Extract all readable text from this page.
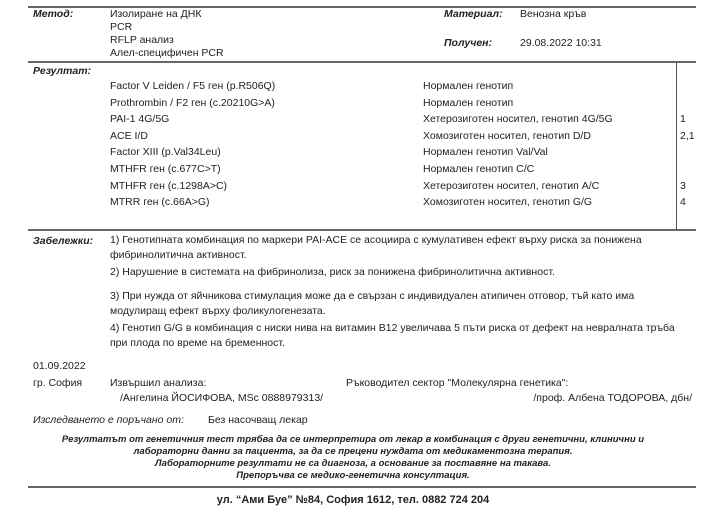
Метод:	Изолиране на ДНК
PCR
RFLP анализ
Алел-специфичен PCR
Материал: Венозна кръв
Получен:	29.08.2022 10:31
Резултат:
Factor V Leiden / F5 ген (p.R506Q)	Нормален генотип
Prothrombin / F2 ген (c.20210G>A)	Нормален генотип
PAI-1 4G/5G	Хетерозиготен носител, генотип 4G/5G	1
ACE I/D	Хомозиготен носител, генотип D/D	2,1
Factor XIII (p.Val34Leu)	Нормален генотип Val/Val
MTHFR ген (c.677C>T)	Нормален генотип C/C
MTHFR ген (c.1298A>C)	Хетерозиготен носител, генотип A/C	3
MTRR ген (c.66A>G)	Хомозиготен носител, генотип G/G	4
Забележки: 1) Генотипната комбинация по маркери PAI-ACE се асоциира с кумулативен ефект върху риска за понижена фибринолитична активност.
2) Нарушение в системата на фибринолиза, риск за понижена фибринолитична активност.
3) При нужда от яйчникова стимулация може да е свързан с индивидуален атипичен отговор, тъй като има модулиращ ефект върху фоликулогенезата.
4) Генотип G/G в комбинация с ниски нива на витамин B12 увеличава 5 пъти риска от дефект на невралната тръба при плода по време на бременност.
01.09.2022
гр. София	Извършил анализа:
/Ангелина ЙОСИФОВА, MSc 0888979313/
Ръководител сектор "Молекулярна генетика":
/проф. Албена ТОДОРОВА, дбн/
Изследването е поръчано от: Без насочващ лекар
Резултатът от генетичния тест трябва да се интерпретира от лекар в комбинация с други генетични, клинични и
лабораторни данни за пациента, за да се прецени нуждата от медикаментозна терапия.
Лабораторните резултати не са диагноза, а основание за поставяне на такава.
Препоръчва се медико-генетична консултация.
ул. “Ами Буе” №84, София 1612, тел. 0882 724 204
